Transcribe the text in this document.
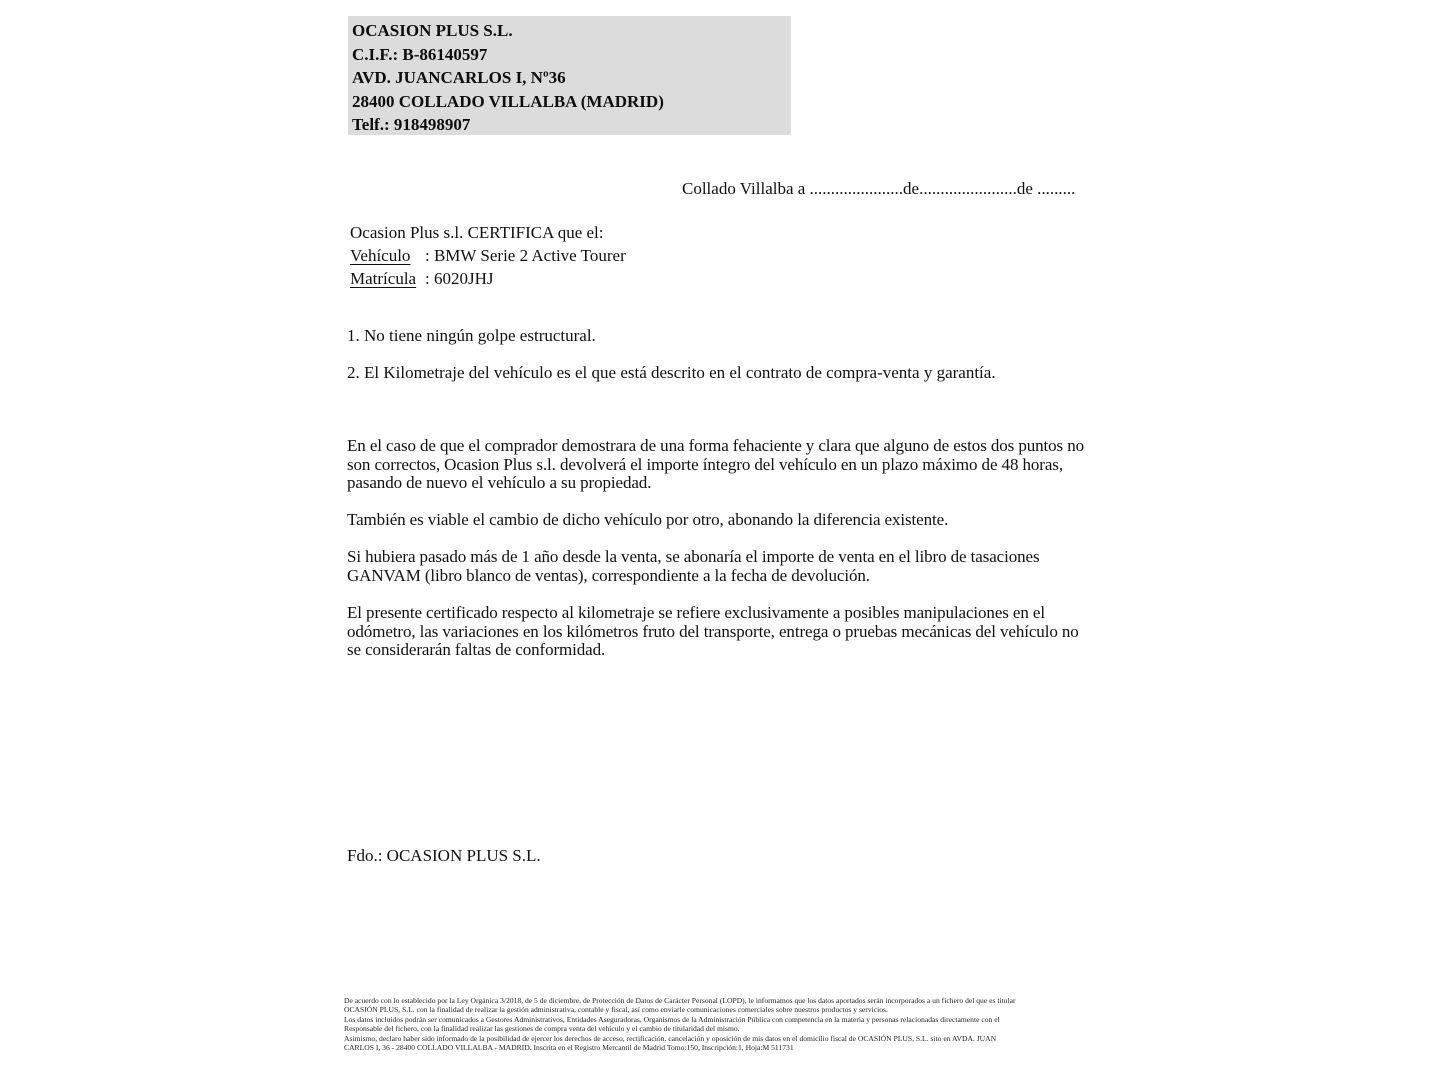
OCASION PLUS S.L.
C.I.F.: B-86140597
AVD. JUANCARLOS I, Nº36
28400 COLLADO VILLALBA (MADRID)
Telf.: 918498907
Collado Villalba a ......................de.......................de .........
Ocasion Plus s.l. CERTIFICA que el:
Vehículo : BMW Serie 2 Active Tourer
Matrícula : 6020JHJ
1. No tiene ningún golpe estructural.
2. El Kilometraje del vehículo es el que está descrito en el contrato de compra-venta y garantía.
En el caso de que el comprador demostrara de una forma fehaciente y clara que alguno de estos dos puntos no son correctos, Ocasion Plus s.l. devolverá el importe íntegro del vehículo en un plazo máximo de 48 horas, pasando de nuevo el vehículo a su propiedad.
También es viable el cambio de dicho vehículo por otro, abonando la diferencia existente.
Si hubiera pasado más de 1 año desde la venta, se abonaría el importe de venta en el libro de tasaciones GANVAM (libro blanco de ventas), correspondiente a la fecha de devolución.
El presente certificado respecto al kilometraje se refiere exclusivamente a posibles manipulaciones en el odómetro, las variaciones en los kilómetros fruto del transporte, entrega o pruebas mecánicas del vehículo no se considerarán faltas de conformidad.
Fdo.: OCASION PLUS S.L.
De acuerdo con lo establecido por la Ley Orgánica 3/2018, de 5 de diciembre, de Protección de Datos de Carácter Personal (LOPD), le informamos que los datos aportados serán incorporados a un fichero del que es titular
OCASIÓN PLUS, S.L. con la finalidad de realizar la gestión administrativa, contable y fiscal, así como enviarle comunicaciones comerciales sobre nuestros productos y servicios.
Los datos incluidos podrán ser comunicados a Gestores Administrativos, Entidades Aseguradoras, Organismos de la Administración Pública con competencia en la materia y personas relacionadas directamente con el
Responsable del fichero, con la finalidad realizar las gestiones de compra venta del vehículo y el cambio de titularidad del mismo.
Asimismo, declaro haber sido informado de la posibilidad de ejercer los derechos de acceso, rectificación, cancelación y oposición de mis datos en el domicilio fiscal de OCASIÓN PLUS, S.L. sito en AVDA. JUAN
CARLOS I, 36 - 28400 COLLADO VILLALBA - MADRID. Inscrita en el Registro Mercantil de Madrid Tomo:150, Inscripción:1, Hoja:M 511731
